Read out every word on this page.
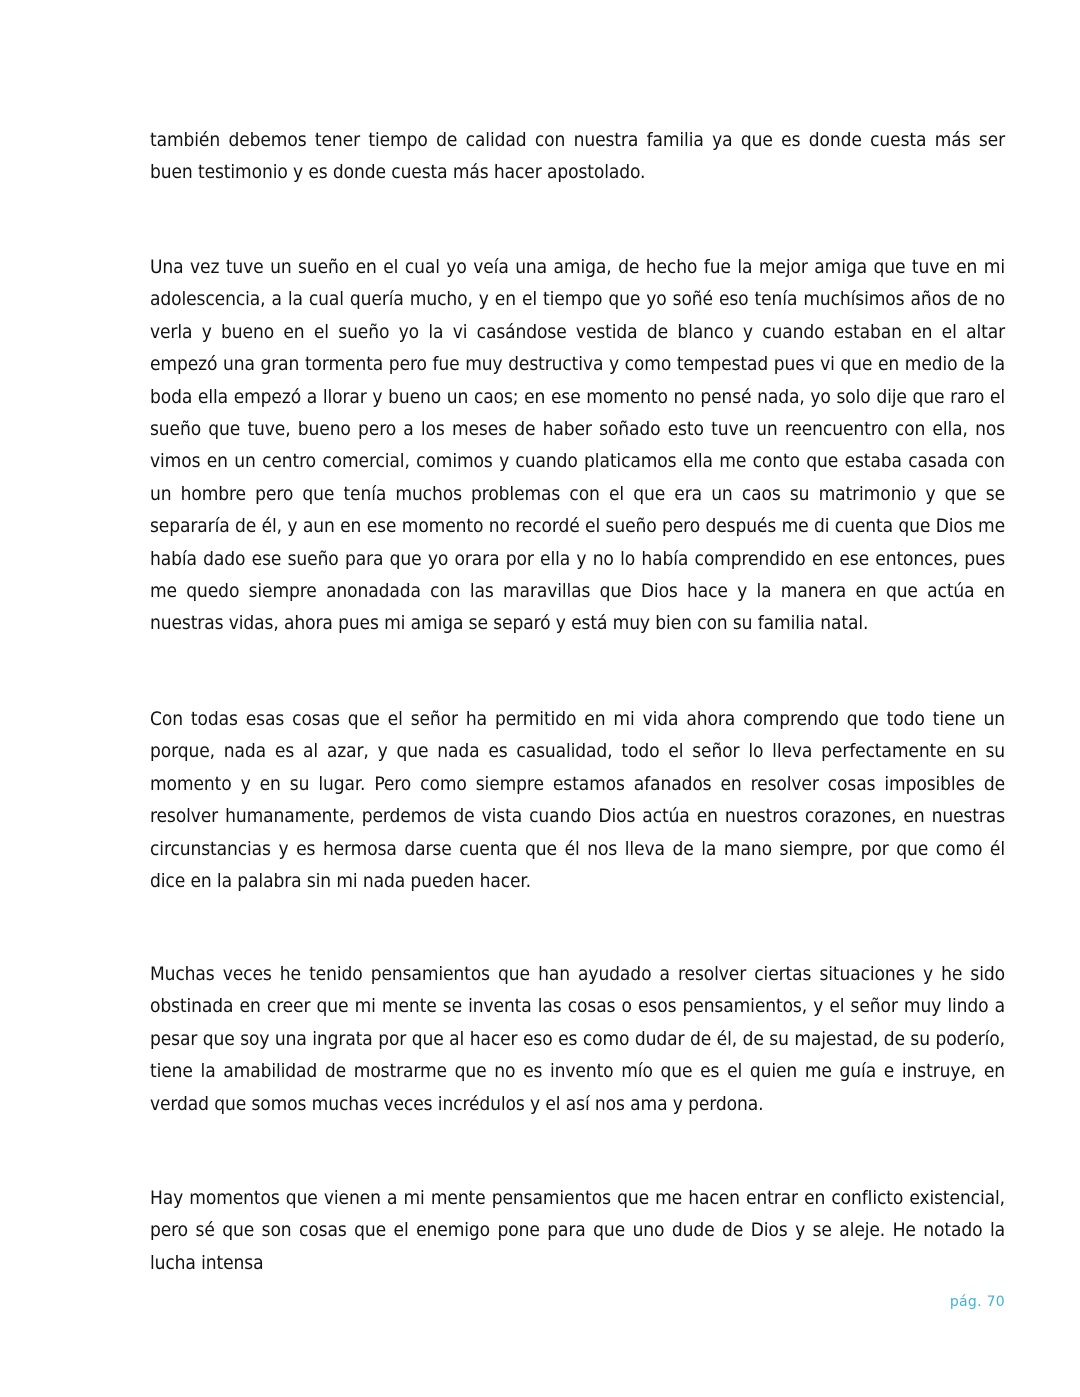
también debemos tener tiempo de calidad con nuestra familia ya que es donde cuesta más ser buen testimonio y es donde cuesta más hacer apostolado.

Una vez tuve un sueño en el cual yo veía una amiga, de hecho fue la mejor amiga que tuve en mi adolescencia, a la cual quería mucho, y en el tiempo que yo soñé eso tenía muchísimos años de no verla y bueno en el sueño yo la vi casándose vestida de blanco y cuando estaban en el altar empezó una gran tormenta pero fue muy destructiva y como tempestad pues vi que en medio de la boda ella empezó a llorar y bueno un caos; en ese momento no pensé nada, yo solo dije que raro el sueño que tuve, bueno pero a los meses de haber soñado esto tuve un reencuentro con ella, nos vimos en un centro comercial, comimos y cuando platicamos ella me conto que estaba casada con un hombre pero que tenía muchos problemas con el que era un caos su matrimonio y que se separaría de él, y aun en ese momento no recordé el sueño pero después me di cuenta que Dios me había dado ese sueño para que yo orara por ella y no lo había comprendido en ese entonces, pues me quedo siempre anonadada con las maravillas que Dios hace y la manera en que actúa en nuestras vidas, ahora pues mi amiga se separó y está muy bien con su familia natal.

Con todas esas cosas que el señor ha permitido en mi vida ahora comprendo que todo tiene un porque, nada es al azar, y que nada es casualidad, todo el señor lo lleva perfectamente en su momento y en su lugar. Pero como siempre estamos afanados en resolver cosas imposibles de resolver humanamente, perdemos de vista cuando Dios actúa en nuestros corazones, en nuestras circunstancias y es hermosa darse cuenta que él nos lleva de la mano siempre, por que como él dice en la palabra sin mi nada pueden hacer.

Muchas veces he tenido pensamientos que han ayudado a resolver ciertas situaciones y he sido obstinada en creer que mi mente se inventa las cosas o esos pensamientos, y el señor muy lindo a pesar que soy una ingrata por que al hacer eso es como dudar de él, de su majestad, de su poderío, tiene la amabilidad de mostrarme que no es invento mío que es el quien me guía e instruye, en verdad que somos muchas veces incrédulos y el así nos ama y perdona.

Hay momentos que vienen a mi mente pensamientos que me hacen entrar en conflicto existencial, pero sé que son cosas que el enemigo pone para que uno dude de Dios y se aleje. He notado la lucha intensa

pág. 70
